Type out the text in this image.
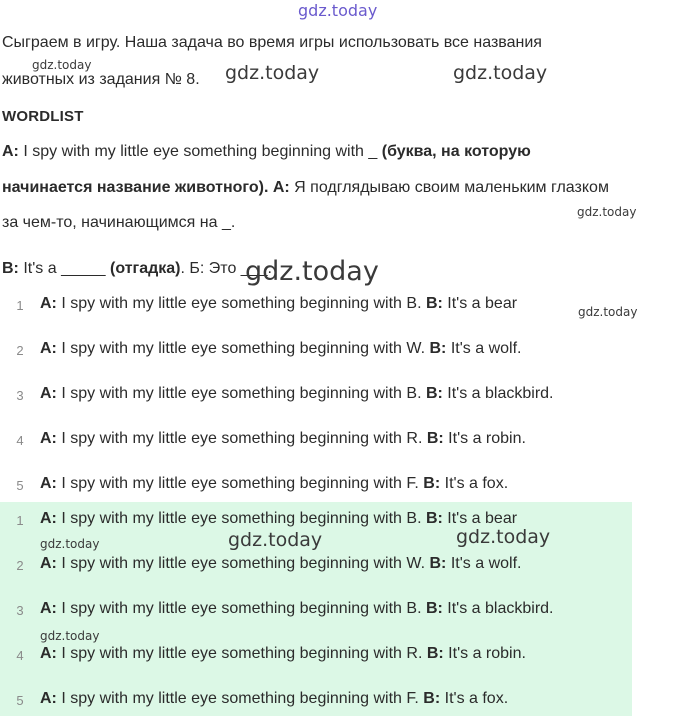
gdz.today
Сыграем в игру. Наша задача во время игры использовать все названия
животных из задания № 8.
WORDLIST
A: I spy with my little eye something beginning with _ (буква, на которую
начинается название животного). A: Я подглядываю своим маленьким глазком
за чем-то, начинающимся на _.
B: It's a _____ (отгадка). Б: Это ___.
1 A: I spy with my little eye something beginning with B. B: It's a bear
2 A: I spy with my little eye something beginning with W. B: It's a wolf.
3 A: I spy with my little eye something beginning with B. B: It's a blackbird.
4 A: I spy with my little eye something beginning with R. B: It's a robin.
5 A: I spy with my little eye something beginning with F. B: It's a fox.
1 A: I spy with my little eye something beginning with B. B: It's a bear
2 A: I spy with my little eye something beginning with W. B: It's a wolf.
3 A: I spy with my little eye something beginning with B. B: It's a blackbird.
4 A: I spy with my little eye something beginning with R. B: It's a robin.
5 A: I spy with my little eye something beginning with F. B: It's a fox.
gdz.today	gdz.today	gdz.today
gdz.today
gdz.today
gdz.today
gdz.today	gdz.today	gdz.today
gdz.today
